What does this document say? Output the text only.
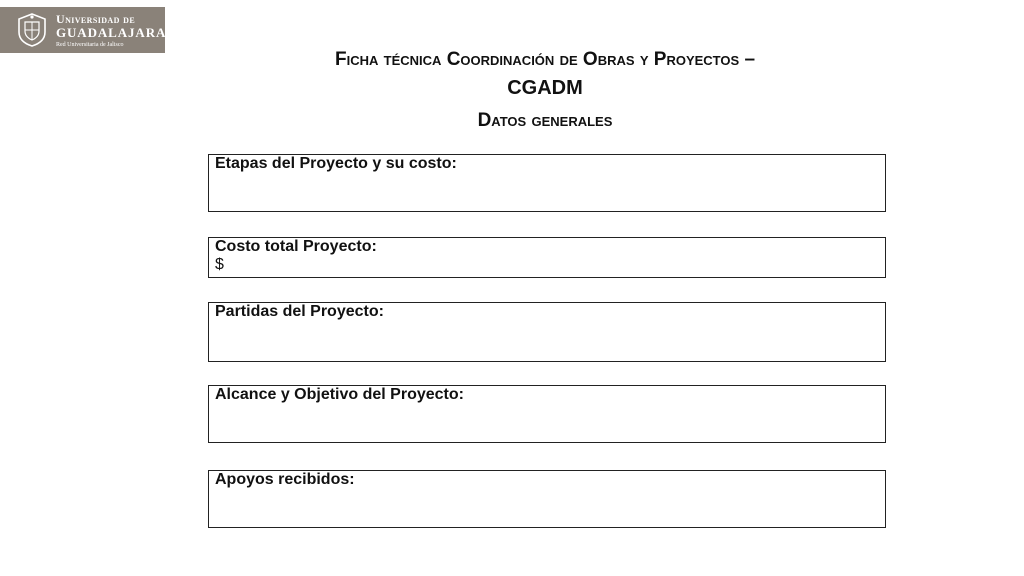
Universidad de
GUADALAJARA
Red Universitaria de Jalisco
Ficha técnica Coordinación de Obras y Proyectos –
CGADM
Datos generales
Etapas del Proyecto y su costo:
Costo total Proyecto:
$
Partidas del Proyecto:
Alcance y Objetivo del Proyecto:
Apoyos recibidos:
